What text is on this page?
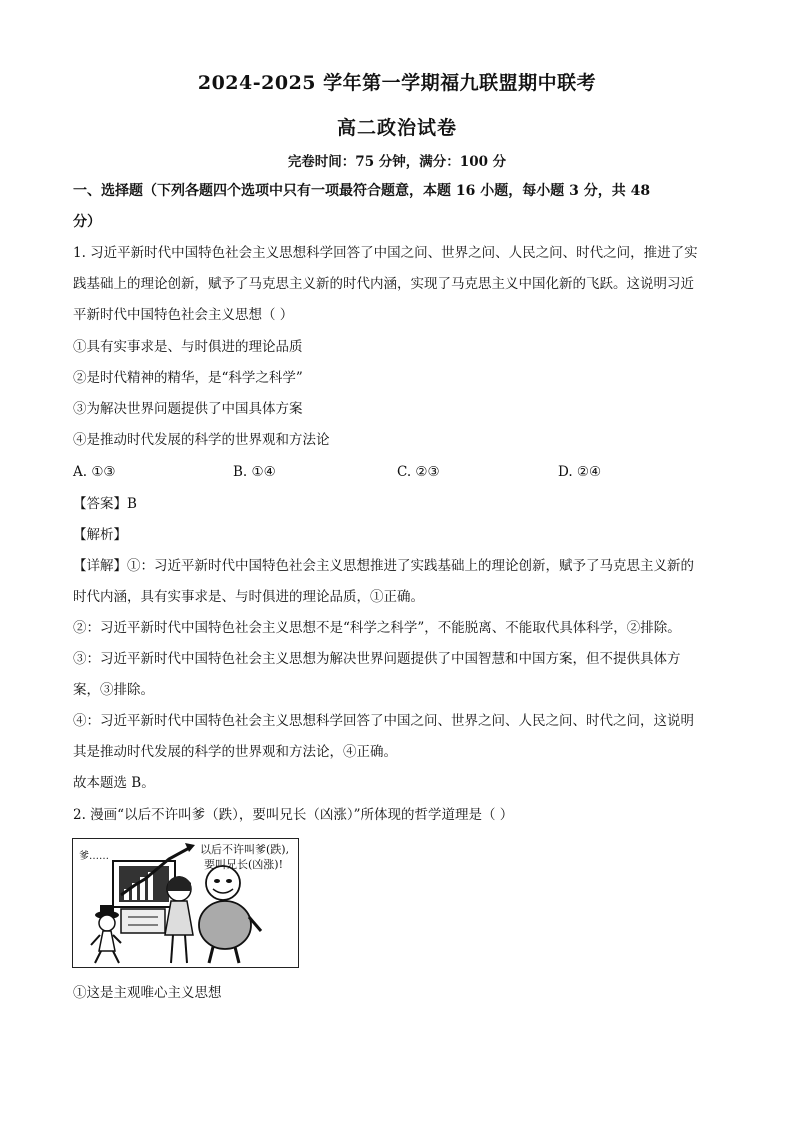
2024-2025 学年第一学期福九联盟期中联考
高二政治试卷
完卷时间：75 分钟，满分：100 分

一、选择题（下列各题四个选项中只有一项最符合题意，本题 16 小题，每小题 3 分，共 48

分）

1. 习近平新时代中国特色社会主义思想科学回答了中国之问、世界之问、人民之问、时代之问，推进了实

践基础上的理论创新，赋予了马克思主义新的时代内涵，实现了马克思主义中国化新的飞跃。这说明习近

平新时代中国特色社会主义思想（ ）

①具有实事求是、与时俱进的理论品质

②是时代精神的精华，是“科学之科学”

③为解决世界问题提供了中国具体方案

④是推动时代发展的科学的世界观和方法论

A. ①③	B. ①④	C. ②③	D. ②④

【答案】B

【解析】

【详解】①：习近平新时代中国特色社会主义思想推进了实践基础上的理论创新，赋予了马克思主义新的

时代内涵，具有实事求是、与时俱进的理论品质，①正确。

②：习近平新时代中国特色社会主义思想不是“科学之科学”，不能脱离、不能取代具体科学，②排除。

③：习近平新时代中国特色社会主义思想为解决世界问题提供了中国智慧和中国方案，但不提供具体方

案，③排除。

④：习近平新时代中国特色社会主义思想科学回答了中国之问、世界之问、人民之问、时代之问，这说明

其是推动时代发展的科学的世界观和方法论，④正确。

故本题选 B。

2. 漫画“以后不许叫爹（跌），要叫兄长（凶涨）”所体现的哲学道理是（ ）

爹……
以后不许叫爹(跌),
要叫兄长(凶涨)!
①这是主观唯心主义思想
